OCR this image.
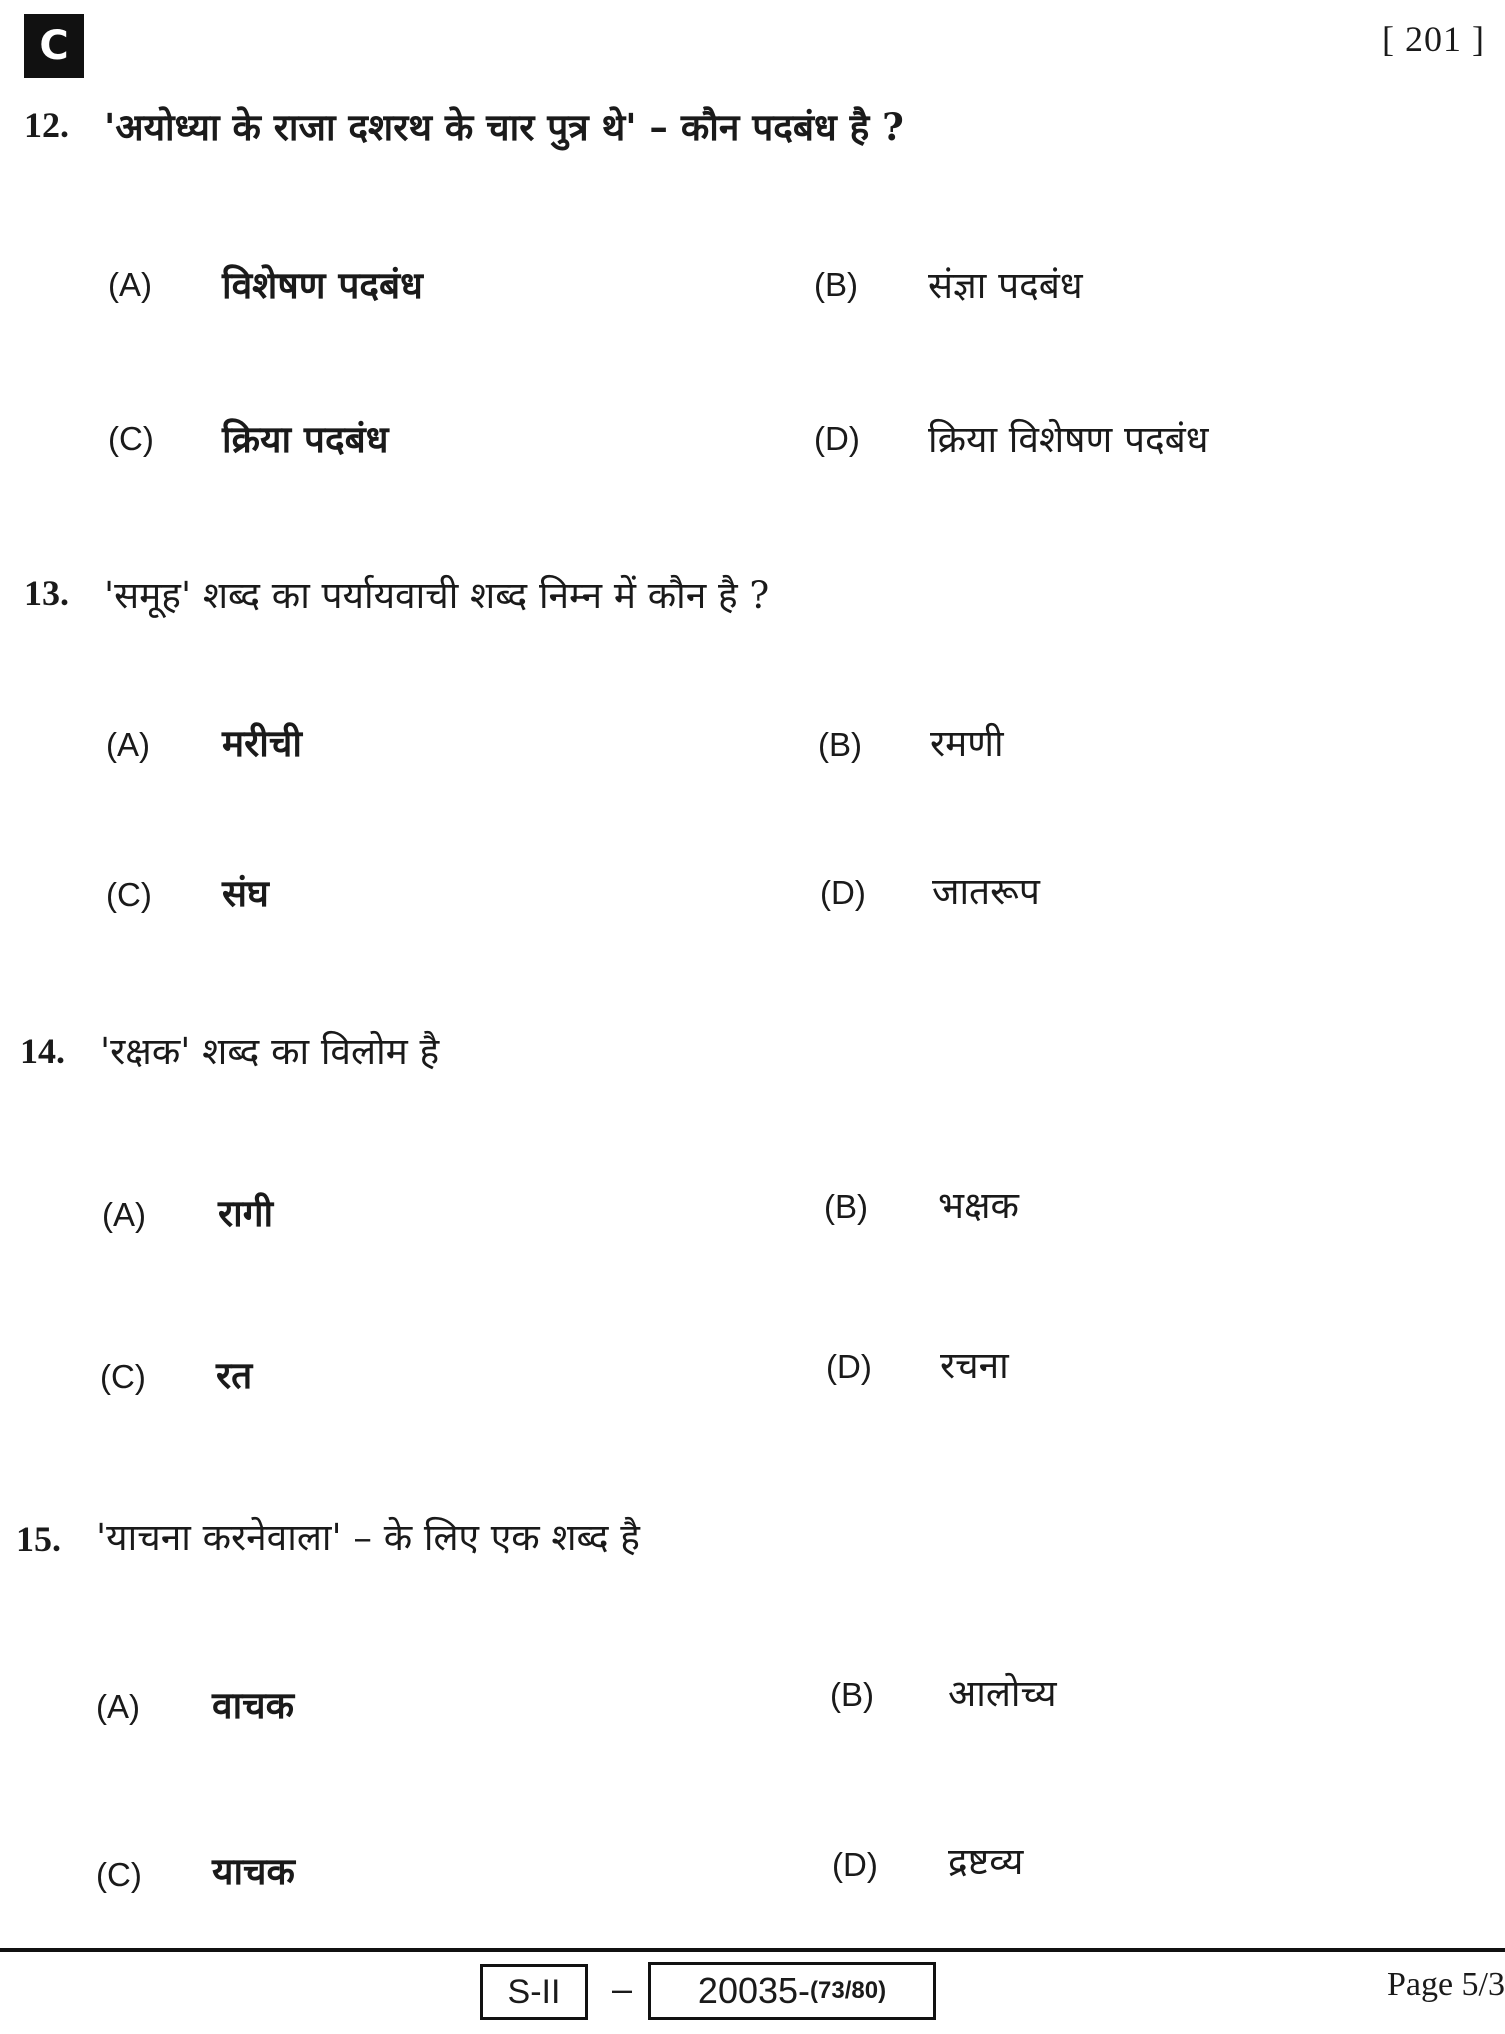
C	[ 201 ]
12. 'अयोध्या के राजा दशरथ के चार पुत्र थे' – कौन पदबंध है ?
(A) विशेषण पदबंध	(B) संज्ञा पदबंध
(C) क्रिया पदबंध	(D) क्रिया विशेषण पदबंध
13. 'समूह' शब्द का पर्यायवाची शब्द निम्न में कौन है ?
(A) मरीची	(B) रमणी
(C) संघ	(D) जातरूप
14. 'रक्षक' शब्द का विलोम है
(A) रागी	(B) भक्षक
(C) रत	(D) रचना
15. 'याचना करनेवाला' – के लिए एक शब्द है
(A) वाचक	(B) आलोच्य
(C) याचक	(D) द्रष्टव्य
S-II	– 20035- (73/80)	Page 5/3
